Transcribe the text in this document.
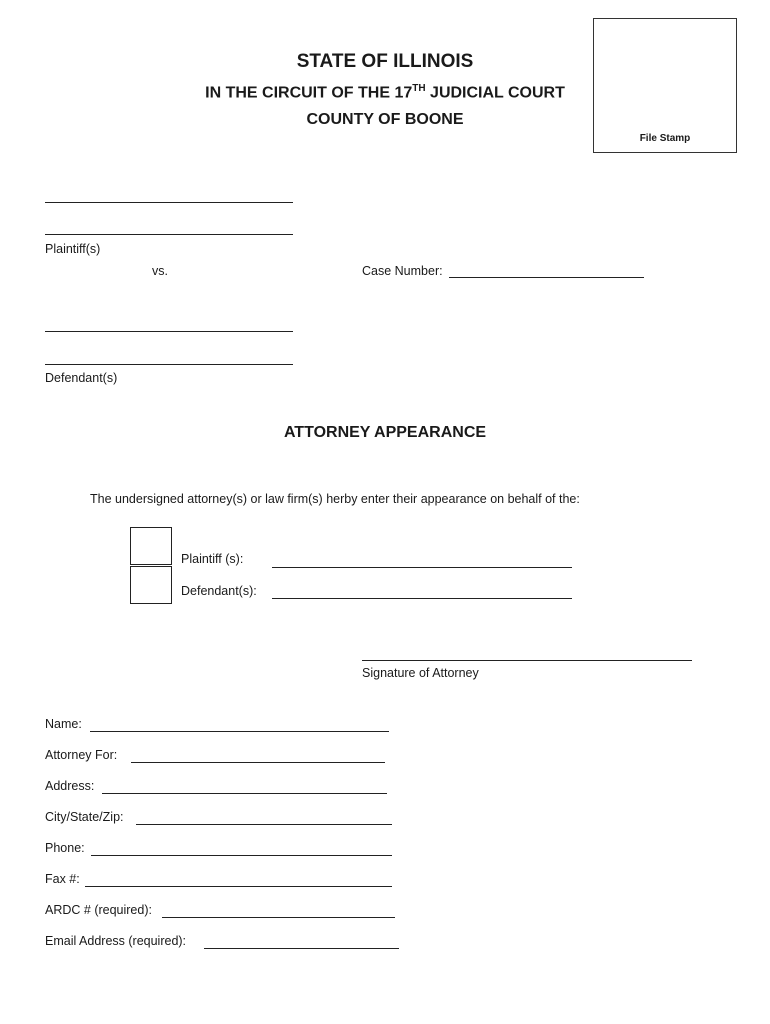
STATE OF ILLINOIS
IN THE CIRCUIT OF THE 17TH JUDICIAL COURT
COUNTY OF BOONE
File Stamp
Plaintiff(s)
vs.	Case Number:
Defendant(s)
ATTORNEY APPEARANCE
The undersigned attorney(s) or law firm(s) herby enter their appearance on behalf of the:
Plaintiff (s):
Defendant(s):
Signature of Attorney
Name:
Attorney For:
Address:
City/State/Zip:
Phone:
Fax #:
ARDC # (required):
Email Address (required):
